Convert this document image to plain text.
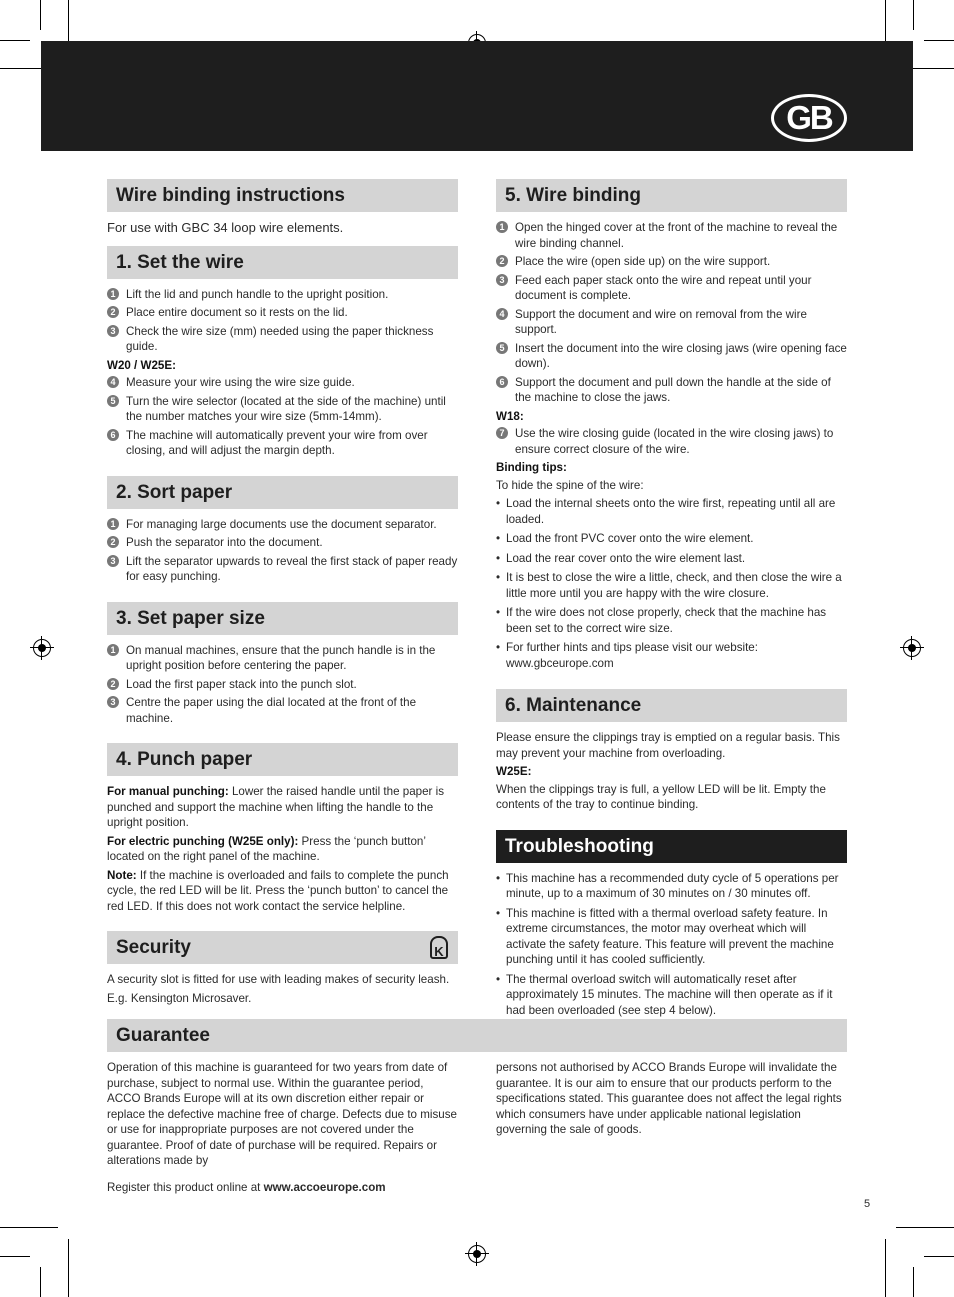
GB
Wire binding instructions

For use with GBC 34 loop wire elements.

1. Set the wire
1 Lift the lid and punch handle to the upright position.
2 Place entire document so it rests on the lid.
3 Check the wire size (mm) needed using the paper thickness guide.
W20 / W25E:
4 Measure your wire using the wire size guide.
5 Turn the wire selector (located at the side of the machine) until the number matches your wire size (5mm-14mm).
6 The machine will automatically prevent your wire from over closing, and will adjust the margin depth.
2. Sort paper
1 For managing large documents use the document separator.
2 Push the separator into the document.
3 Lift the separator upwards to reveal the first stack of paper ready for easy punching.
3. Set paper size
1 On manual machines, ensure that the punch handle is in the upright position before centering the paper.
2 Load the first paper stack into the punch slot.
3 Centre the paper using the dial located at the front of the machine.
4. Punch paper

For manual punching: Lower the raised handle until the paper is punched and support the machine when lifting the handle to the upright position.

For electric punching (W25E only): Press the ‘punch button’ located on the right panel of the machine.

Note: If the machine is overloaded and fails to complete the punch cycle, the red LED will be lit. Press the ‘punch button’ to cancel the red LED. If this does not work contact the service helpline.

Security	K

A security slot is fitted for use with leading makes of security leash.

E.g. Kensington Microsaver.

5. Wire binding
1 Open the hinged cover at the front of the machine to reveal the wire binding channel.
2 Place the wire (open side up) on the wire support.
3 Feed each paper stack onto the wire and repeat until your document is complete.
4 Support the document and wire on removal from the wire support.
5 Insert the document into the wire closing jaws (wire opening face down).
6 Support the document and pull down the handle at the side of the machine to close the jaws.
W18:
7 Use the wire closing guide (located in the wire closing jaws) to ensure correct closure of the wire.
Binding tips:

To hide the spine of the wire:

• Load the internal sheets onto the wire first, repeating until all are loaded.
• Load the front PVC cover onto the wire element.
• Load the rear cover onto the wire element last.
• It is best to close the wire a little, check, and then close the wire a little more until you are happy with the wire closure.
• If the wire does not close properly, check that the machine has been set to the correct wire size.
• For further hints and tips please visit our website: www.gbceurope.com
6. Maintenance

Please ensure the clippings tray is emptied on a regular basis. This may prevent your machine from overloading.

W25E:

When the clippings tray is full, a yellow LED will be lit. Empty the contents of the tray to continue binding.

Troubleshooting
• This machine has a recommended duty cycle of 5 operations per minute, up to a maximum of 30 minutes on / 30 minutes off.
• This machine is fitted with a thermal overload safety feature. In extreme circumstances, the motor may overheat which will activate the safety feature. This feature will prevent the machine punching until it has cooled sufficiently.
• The thermal overload switch will automatically reset after approximately 15 minutes. The machine will then operate as if it had been overloaded (see step 4 below).
Guarantee
Operation of this machine is guaranteed for two years from date of purchase, subject to normal use. Within the guarantee period, ACCO Brands Europe will at its own discretion either repair or replace the defective machine free of charge. Defects due to misuse or use for inappropriate purposes are not covered under the guarantee. Proof of date of purchase will be required. Repairs or alterations made by
persons not authorised by ACCO Brands Europe will invalidate the guarantee. It is our aim to ensure that our products perform to the specifications stated. This guarantee does not affect the legal rights which consumers have under applicable national legislation governing the sale of goods.
Register this product online at www.accoeurope.com
5
